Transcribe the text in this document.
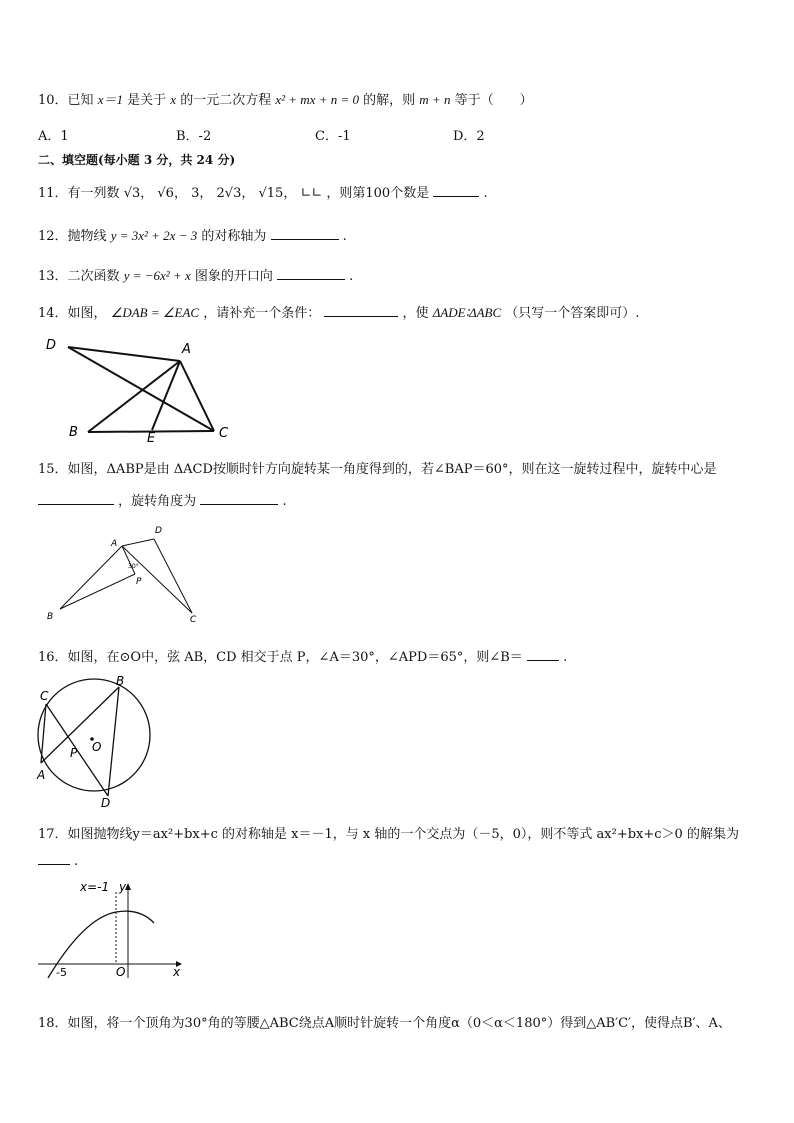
10．已知 x＝1 是关于 x 的一元二次方程 x² + mx + n = 0 的解，则 m + n 等于（　　）
A．1	B．-2	C．-1	D．2
二、填空题(每小题 3 分，共 24 分)
11．有一列数 √3， √6， 3， 2√3， √15， ∟∟ ，则第100个数是	.
12．抛物线 y = 3x² + 2x − 3 的对称轴为	.
13．二次函数 y = −6x² + x 图象的开口向	.
14．如图， ∠DAB = ∠EAC ，请补充一个条件：	，使 ΔADE∶ΔABC （只写一个答案即可）.
D	A
B	E	C
15．如图，ΔABP是由 ΔACD按顺时针方向旋转某一角度得到的，若∠BAP＝60°，则在这一旋转过程中，旋转中心是
，旋转角度为	.
A
D
P
B	C
30°
16．如图，在⊙O中，弦 AB，CD 相交于点 P，∠A＝30°，∠APD＝65°，则∠B＝	.
C
B
P O
A
D
17．如图抛物线y＝ax²+bx+c 的对称轴是 x＝－1，与 x 轴的一个交点为（－5，0），则不等式 ax²+bx+c＞0 的解集为
.
x=-1 y
x
O
-5
18．如图，将一个顶角为30°角的等腰△ABC绕点A顺时针旋转一个角度α（0＜α＜180°）得到△AB′C′，使得点B′、A、
